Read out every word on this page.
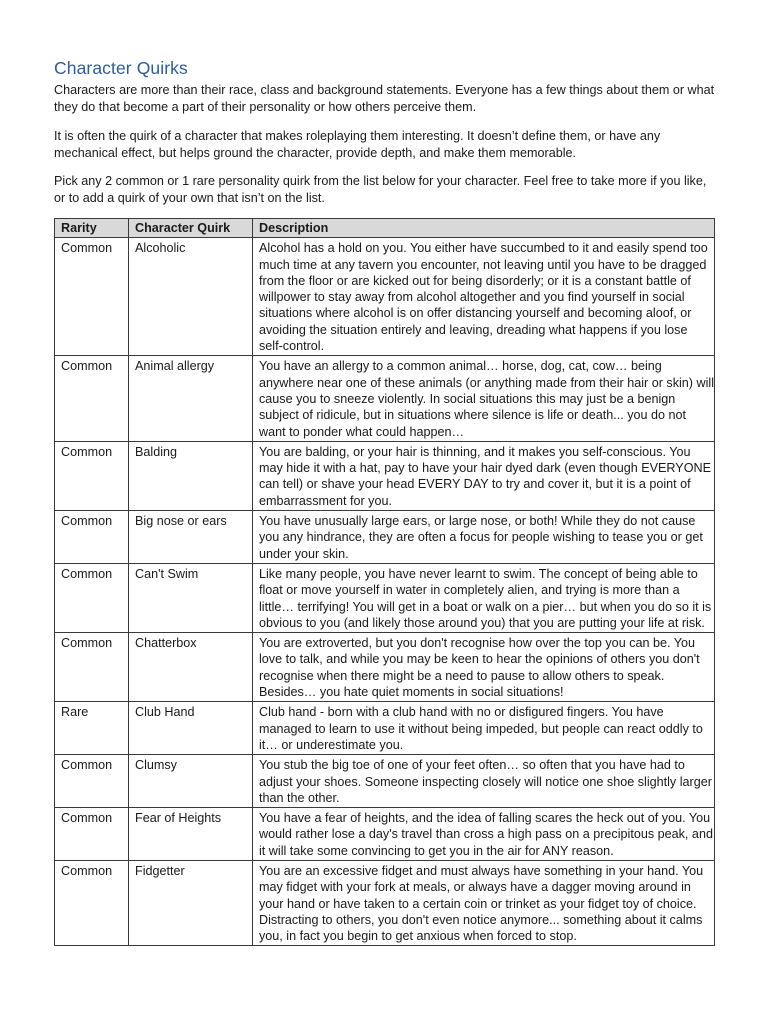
Character Quirks

Characters are more than their race, class and background statements. Everyone has a few things about them or what they do that become a part of their personality or how others perceive them.

It is often the quirk of a character that makes roleplaying them interesting. It doesn’t define them, or have any mechanical effect, but helps ground the character, provide depth, and make them memorable.

Pick any 2 common or 1 rare personality quirk from the list below for your character. Feel free to take more if you like, or to add a quirk of your own that isn’t on the list.

Rarity	Character Quirk	Description
Common	Alcoholic	Alcohol has a hold on you. You either have succumbed to it and easily spend too much time at any tavern you encounter, not leaving until you have to be dragged from the floor or are kicked out for being disorderly; or it is a constant battle of willpower to stay away from alcohol altogether and you find yourself in social situations where alcohol is on offer distancing yourself and becoming aloof, or avoiding the situation entirely and leaving, dreading what happens if you lose self-control.
Common	Animal allergy	You have an allergy to a common animal… horse, dog, cat, cow… being anywhere near one of these animals (or anything made from their hair or skin) will cause you to sneeze violently. In social situations this may just be a benign subject of ridicule, but in situations where silence is life or death... you do not want to ponder what could happen…
Common	Balding	You are balding, or your hair is thinning, and it makes you self-conscious. You may hide it with a hat, pay to have your hair dyed dark (even though EVERYONE can tell) or shave your head EVERY DAY to try and cover it, but it is a point of embarrassment for you.
Common	Big nose or ears	You have unusually large ears, or large nose, or both! While they do not cause you any hindrance, they are often a focus for people wishing to tease you or get under your skin.
Common	Can't Swim	Like many people, you have never learnt to swim. The concept of being able to float or move yourself in water in completely alien, and trying is more than a little… terrifying! You will get in a boat or walk on a pier… but when you do so it is obvious to you (and likely those around you) that you are putting your life at risk.
Common	Chatterbox	You are extroverted, but you don't recognise how over the top you can be. You love to talk, and while you may be keen to hear the opinions of others you don't recognise when there might be a need to pause to allow others to speak. Besides… you hate quiet moments in social situations!
Rare	Club Hand	Club hand - born with a club hand with no or disfigured fingers. You have managed to learn to use it without being impeded, but people can react oddly to it… or underestimate you.
Common	Clumsy	You stub the big toe of one of your feet often… so often that you have had to adjust your shoes. Someone inspecting closely will notice one shoe slightly larger than the other.
Common	Fear of Heights	You have a fear of heights, and the idea of falling scares the heck out of you. You would rather lose a day's travel than cross a high pass on a precipitous peak, and it will take some convincing to get you in the air for ANY reason.
Common	Fidgetter	You are an excessive fidget and must always have something in your hand. You may fidget with your fork at meals, or always have a dagger moving around in your hand or have taken to a certain coin or trinket as your fidget toy of choice. Distracting to others, you don't even notice anymore... something about it calms you, in fact you begin to get anxious when forced to stop.
